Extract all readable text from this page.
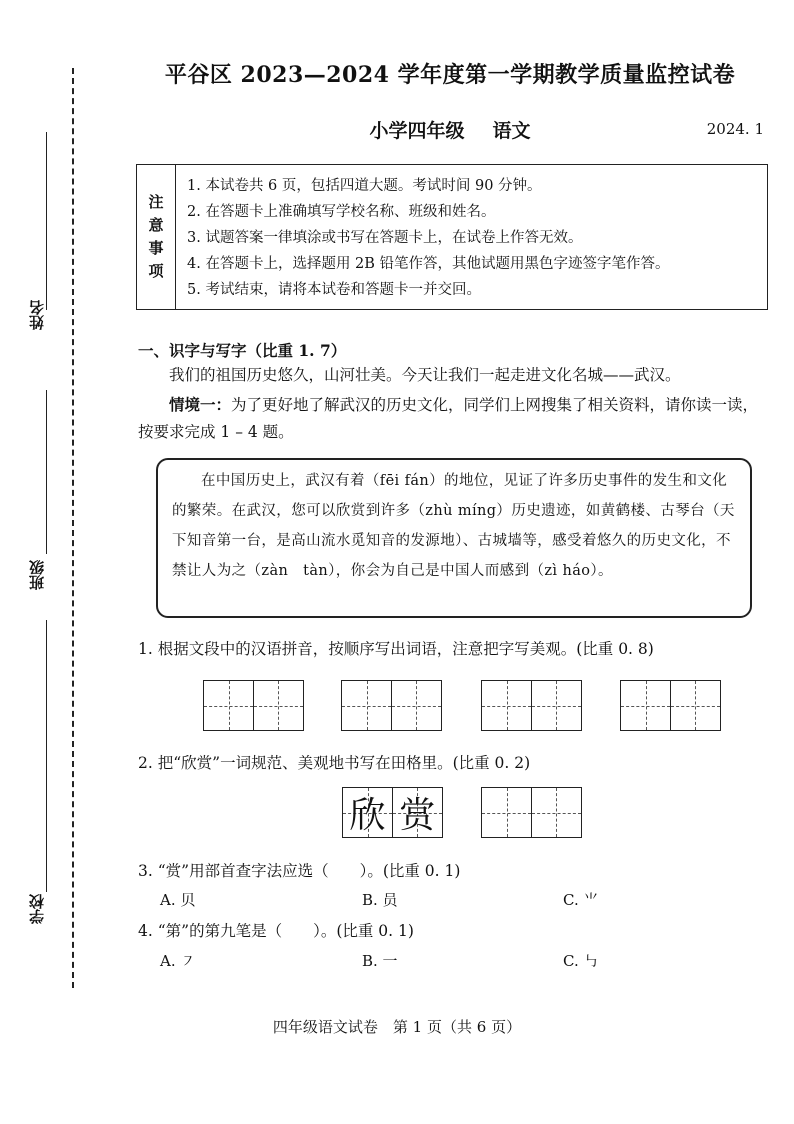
姓名
班级
学校
平谷区 2023—2024 学年度第一学期教学质量监控试卷
小学四年级 语文	2024. 1
注
意
事
项
1. 本试卷共 6 页，包括四道大题。考试时间 90 分钟。
2. 在答题卡上准确填写学校名称、班级和姓名。
3. 试题答案一律填涂或书写在答题卡上，在试卷上作答无效。
4. 在答题卡上，选择题用 2B 铅笔作答，其他试题用黑色字迹签字笔作答。
5. 考试结束，请将本试卷和答题卡一并交回。
一、识字与写字（比重 1. 7）
我们的祖国历史悠久，山河壮美。今天让我们一起走进文化名城——武汉。
情境一：为了更好地了解武汉的历史文化，同学们上网搜集了相关资料，请你读一读，按要求完成 1 – 4 题。
在中国历史上，武汉有着（fēi fán）的地位，见证了许多历史事件的发生和文化的繁荣。在武汉，您可以欣赏到许多（zhù míng）历史遗迹，如黄鹤楼、古琴台（天下知音第一台，是高山流水觅知音的发源地）、古城墙等，感受着悠久的历史文化，不禁让人为之（zàn　tàn），你会为自己是中国人而感到（zì háo）。
1. 根据文段中的汉语拼音，按顺序写出词语，注意把字写美观。(比重 0. 8)
2. 把“欣赏”一词规范、美观地书写在田格里。(比重 0. 2)
欣 赏
3. “赏”用部首查字法应选（　　）。(比重 0. 1)
A. 贝	B. 员	C. ⺌
4. “第”的第九笔是（　　）。(比重 0. 1)
A. ㇇	B. 一	C. ㇉
四年级语文试卷　第 1 页（共 6 页）
